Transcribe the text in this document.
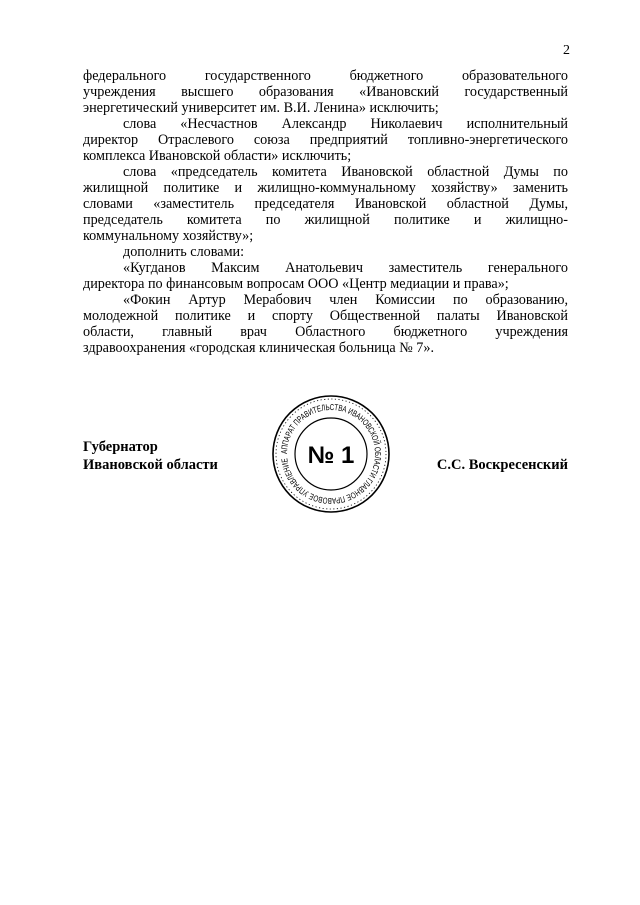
2
федерального государственного бюджетного образовательного
учреждения высшего образования «Ивановский государственный
энергетический университет им. В.И. Ленина» исключить;
слова «Несчастнов Александр Николаевич исполнительный
директор Отраслевого союза предприятий топливно-энергетического
комплекса Ивановской области» исключить;
слова «председатель комитета Ивановской областной Думы по
жилищной политике и жилищно-коммунальному хозяйству» заменить
словами «заместитель председателя Ивановской областной Думы,
председатель комитета по жилищной политике и жилищно-
коммунальному хозяйству»;
дополнить словами:
«Кугданов Максим Анатольевич заместитель генерального
директора по финансовым вопросам ООО «Центр медиации и права»;
«Фокин Артур Мерабович член Комиссии по образованию,
молодежной политике и спорту Общественной палаты Ивановской
области, главный врач Областного бюджетного учреждения
здравоохранения «городская клиническая больница № 7».
Губернатор
Ивановской области	С.С. Воскресенский
АППАРАТ ПРАВИТЕЛЬСТВА ИВАНОВСКОЙ ОБЛАСТИ ГЛАВНОЕ ПРАВОВОЕ УПРАВЛЕНИЕ № 1
